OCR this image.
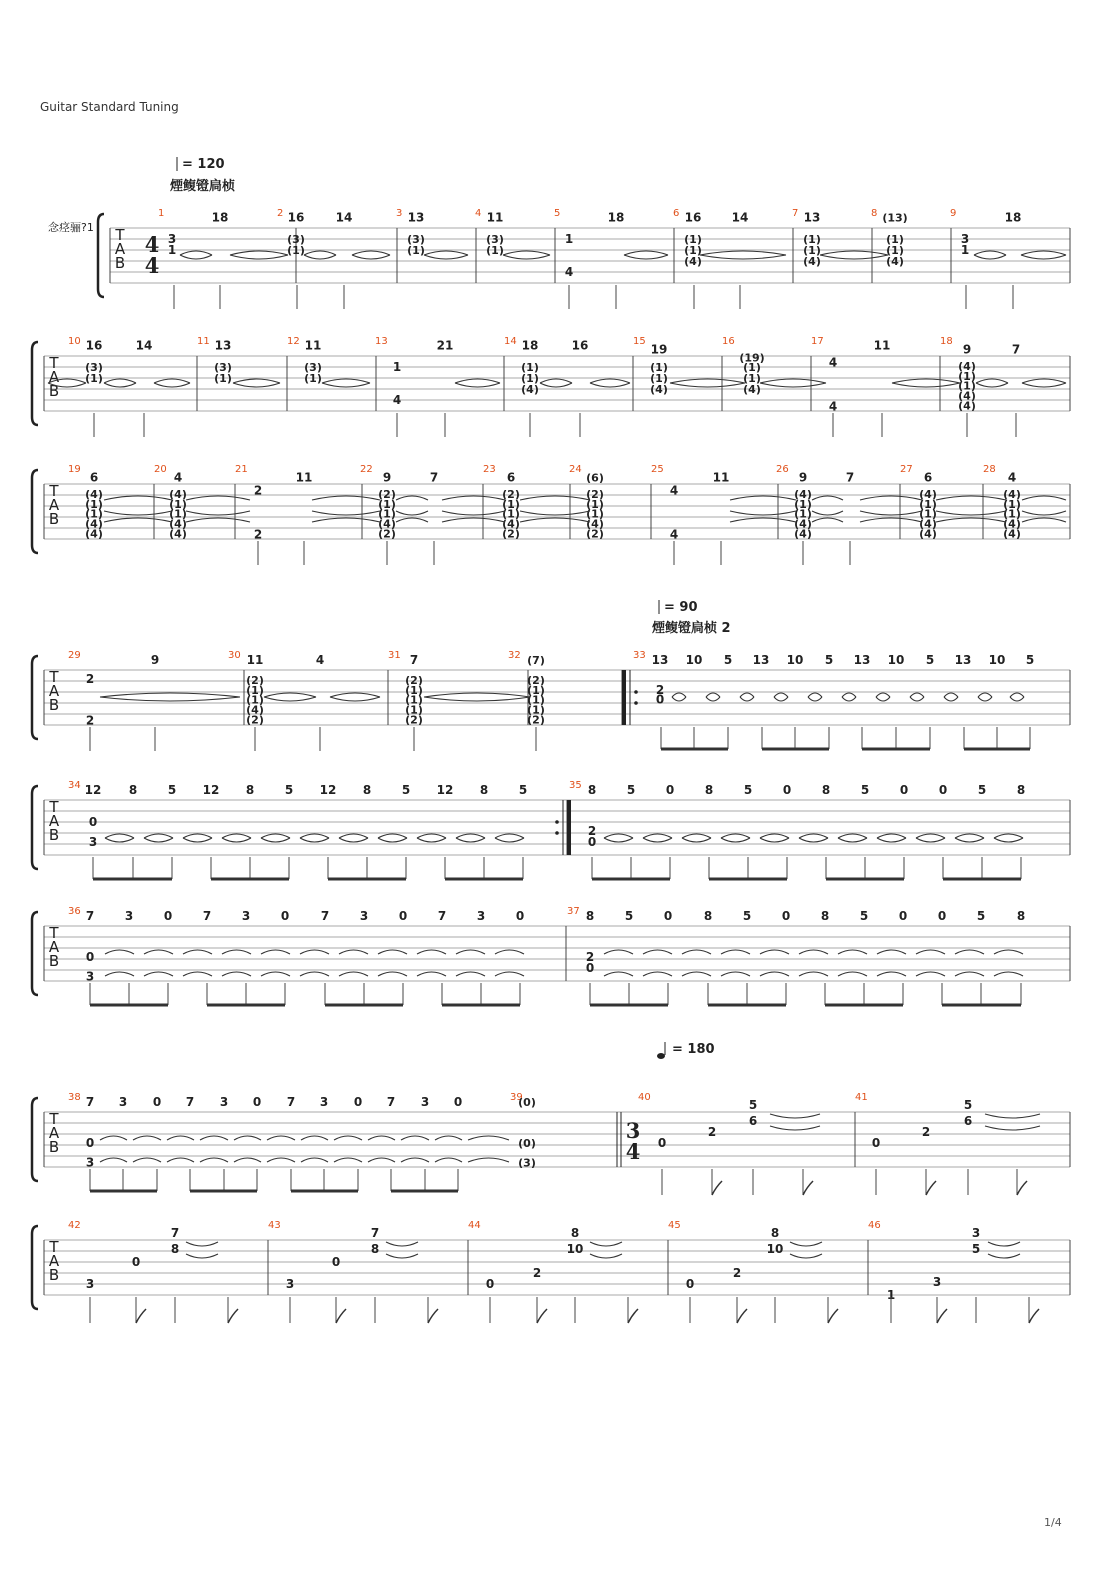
Guitar Standard Tuning
1/4
念痉骊?1
= 120
煙鳆镫扃桢
= 90
煙鳆镫扃桢 2
= 180
T
A
B
1	2	3	4	5	6	7	8	9
4
4
T
A
B
10	11	12	13	14	15	16	17	18
T
A
B
19	20	21	22	23	24	25	26	27	28
T
A
B
29	30	31	32	33
T
A
B
34	35
T
A
B
36	37
T
A
B
38	39	40	41
3
4
T
A
B
42	43	44	45	46
3
1
18
(3)
(1)
16	14
(3)
(1)
13
(3)
(1)
11
1
4
18
(1)
(1)
(4)
16	14
(1)
(1)
(4)
13
(1)
(1)
(4)
(13)
3
1
18
(3)
(1)
16	14
(3)
(1)
13
(3)
(1)
11
1
4
21
(1)
(1)
(4)
18	16
(1)
(1)
(4)
19
(19)
(1)
(1)
(4)
4
4
11
(4)
(1)
(1)
(4)
(4)
9	7
(4)
(1)
(1)
(4)
(4)
6
(4)
(1)
(1)
(4)
(4)
4
2
2
11
(2)
(1)
(1)
(4)
(2)
9	7
(2)
(1)
(1)
(4)
(2)
6
(2)
(1)
(1)
(4)
(2)
(6)
4
4
11
(4)
(1)
(1)
(4)
(4)
9	7
(4)
(1)
(1)
(4)
(4)
6
(4)
(1)
(1)
(4)
(4)
4
2
2
9
(2)
(1)
(1)
(4)
(2)
11	4
(2)
(1)
(1)
(1)
(2)
7
(2)
(1)
(1)
(1)
(2)
(7)
2
0
13 10 5 13 10 5 13 10 5 13 10 5
0
3
12 8	5 12 8	5 12 8	5 12 8	5
2
0
8	5	0	8	5	0	8	5	0	0	5	8
0
3
7	3	0	7	3	0	7	3	0	7	3	0
2
0
8	5	0	8	5	0	8	5	0	0	5	8
0
3
7 3 0 7 3 0 7 3 0 7 3 0	(0)
(0)
(3)
0
2
5
6
0
2
5
6
3
0
7
8
3
0
7
8
0
2
8
10
0
2
8
10
1
3
3
5
